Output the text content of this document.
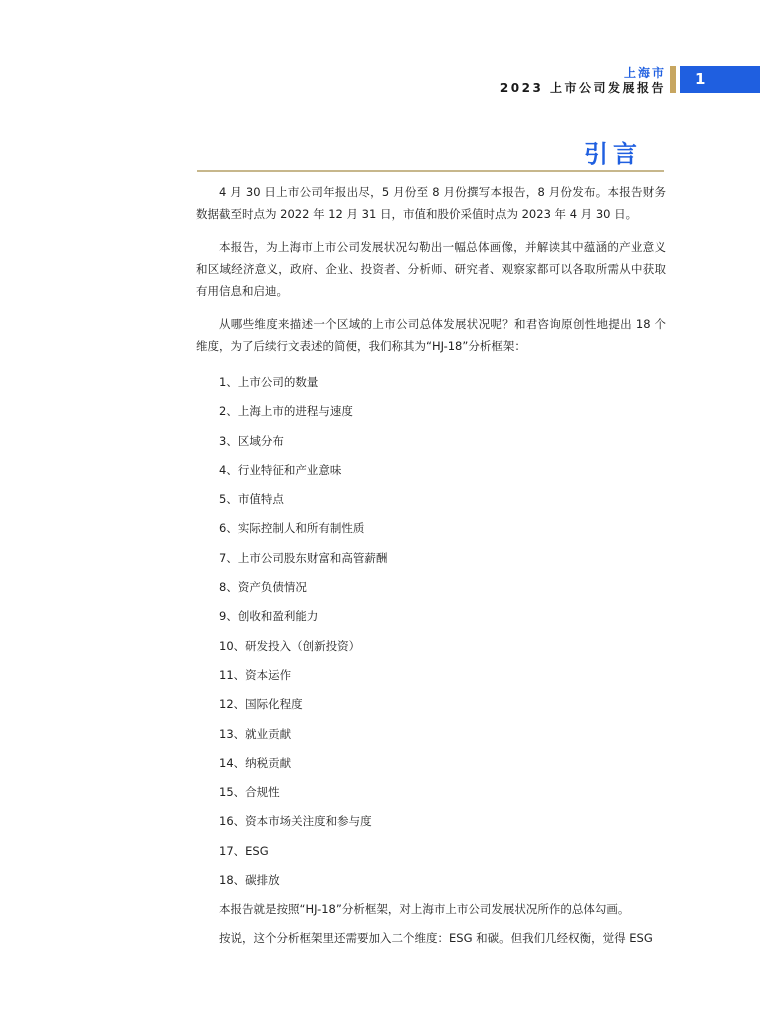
上海市
2023 上市公司发展报告	1
引言

4 月 30 日上市公司年报出尽，5 月份至 8 月份撰写本报告，8 月份发布。本报告财务数据截至时点为 2022 年 12 月 31 日，市值和股价采值时点为 2023 年 4 月 30 日。

本报告，为上海市上市公司发展状况勾勒出一幅总体画像，并解读其中蕴涵的产业意义和区域经济意义，政府、企业、投资者、分析师、研究者、观察家都可以各取所需从中获取有用信息和启迪。

从哪些维度来描述一个区域的上市公司总体发展状况呢？和君咨询原创性地提出 18 个维度，为了后续行文表述的简便，我们称其为“HJ-18”分析框架：

1、上市公司的数量
2、上海上市的进程与速度
3、区域分布
4、行业特征和产业意味
5、市值特点
6、实际控制人和所有制性质
7、上市公司股东财富和高管薪酬
8、资产负债情况
9、创收和盈利能力
10、研发投入（创新投资）
11、资本运作
12、国际化程度
13、就业贡献
14、纳税贡献
15、合规性
16、资本市场关注度和参与度
17、ESG
18、碳排放

本报告就是按照“HJ-18”分析框架，对上海市上市公司发展状况所作的总体勾画。

按说，这个分析框架里还需要加入二个维度：ESG 和碳。但我们几经权衡，觉得 ESG
